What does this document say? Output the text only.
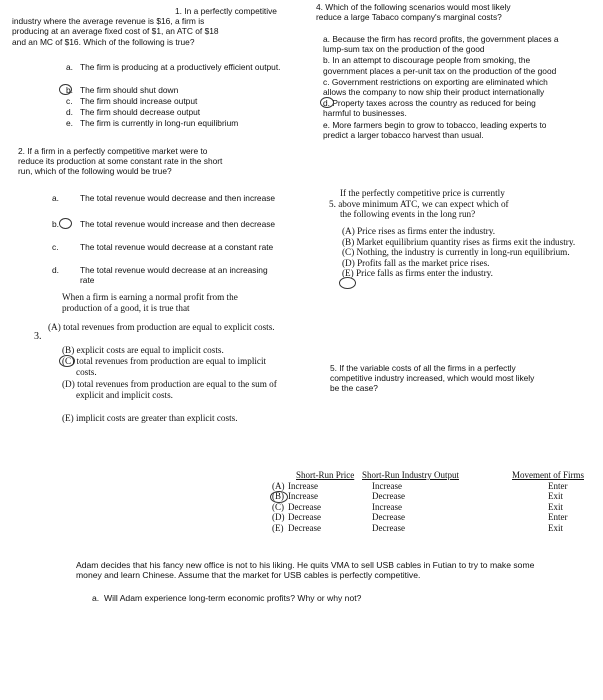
1. In a perfectly competitive
industry where the average revenue is $16, a firm is
producing at an average fixed cost of $1, an ATC of $18
and an MC of $16. Which of the following is true?
a. The firm is producing at a productively efficient output.
b. The firm should shut down
c. The firm should increase output
d. The firm should decrease output
e. The firm is currently in long-run equilibrium
2. If a firm in a perfectly competitive market were to
reduce its production at some constant rate in the short
run, which of the following would be true?
a.	The total revenue would decrease and then increase
b.	The total revenue would increase and then decrease
c.	The total revenue would decrease at a constant rate
d.	The total revenue would decrease at an increasing rate
When a firm is earning a normal profit from the
production of a good, it is true that
3.
(A) total revenues from production are equal to explicit costs.
(B) explicit costs are equal to implicit costs.
(C) total revenues from production are equal to implicit costs.
(D) total revenues from production are equal to the sum of explicit and implicit costs.
(E) implicit costs are greater than explicit costs.
4. Which of the following scenarios would most likely
reduce a large Tabaco company's marginal costs?
a. Because the firm has record profits, the government places a lump-sum tax on the production of the good
b. In an attempt to discourage people from smoking, the government places a per-unit tax on the production of the good
c. Government restrictions on exporting are eliminated which allows the company to now ship their product internationally
d. Property taxes across the country as reduced for being harmful to businesses.
e. More farmers begin to grow to tobacco, leading experts to predict a larger tobacco harvest than usual.
If the perfectly competitive price is currently
5. above minimum ATC, we can expect which of
the following events in the long run?
(A) Price rises as firms enter the industry.
(B) Market equilibrium quantity rises as firms exit the industry.
(C) Nothing, the industry is currently in long-run equilibrium.
(D) Profits fall as the market price rises.
(E) Price falls as firms enter the industry.
5. If the variable costs of all the firms in a perfectly
competitive industry increased, which would most likely
be the case?
Short-Run Price		Short-Run Industry Output	Movement of Firms
(A)	Increase	Increase	Enter
(B)	Increase	Decrease	Exit
(C)	Decrease	Increase	Exit
(D)	Decrease	Decrease	Enter
(E)	Decrease	Decrease	Exit
Adam decides that his fancy new office is not to his liking. He quits VMA to sell USB cables in Futian to try to make some money and learn Chinese. Assume that the market for USB cables is perfectly competitive.
a. Will Adam experience long-term economic profits? Why or why not?
